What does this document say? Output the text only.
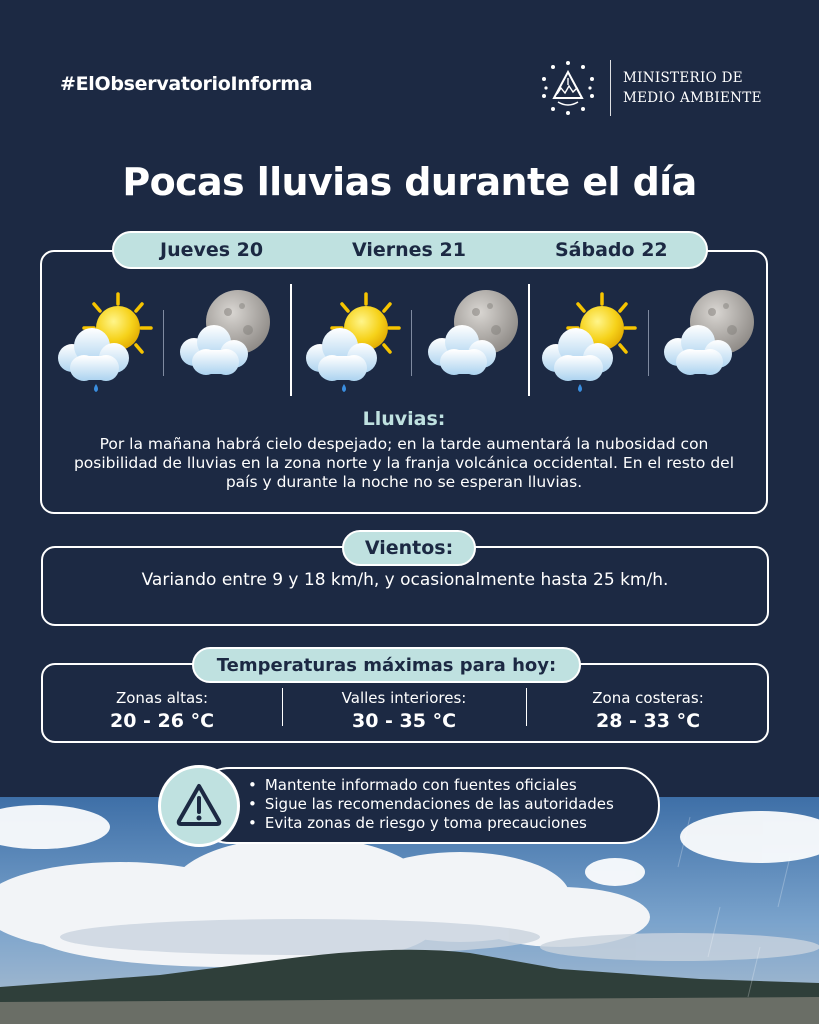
#ElObservatorioInforma	MINISTERIO DE
MEDIO AMBIENTE
Pocas lluvias durante el día
Jueves 20	Viernes 21	Sábado 22
Lluvias:
Por la mañana habrá cielo despejado; en la tarde aumentará la nubosidad con posibilidad de lluvias en la zona norte y la franja volcánica occidental. En el resto del país y durante la noche no se esperan lluvias.
Vientos:
Variando entre 9 y 18 km/h, y ocasionalmente hasta 25 km/h.
Temperaturas máximas para hoy:
Zonas altas:
20 - 26 °C
Valles interiores:
30 - 35 °C
Zona costeras:
28 - 33 °C
• Mantente informado con fuentes oficiales
• Sigue las recomendaciones de las autoridades
• Evita zonas de riesgo y toma precauciones
